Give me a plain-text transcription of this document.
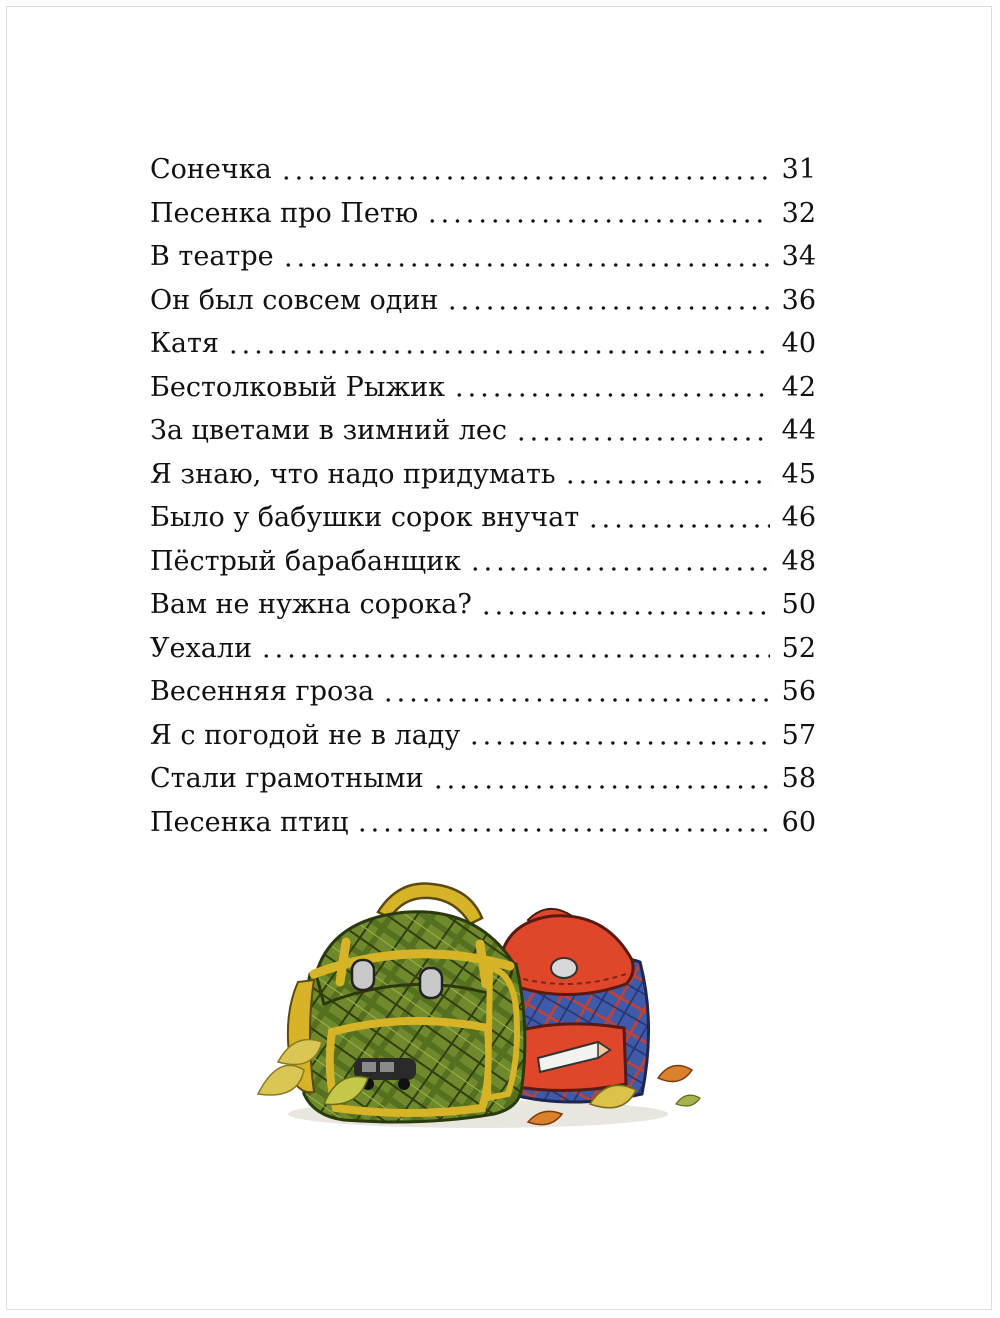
Сонечка	31
Песенка про Петю	32
В театре	34
Он был совсем один	36
Катя	40
Бестолковый Рыжик	42
За цветами в зимний лес	44
Я знаю, что надо придумать	45
Было у бабушки сорок внучат	46
Пёстрый барабанщик	48
Вам не нужна сорока?	50
Уехали	52
Весенняя гроза	56
Я с погодой не в ладу	57
Стали грамотными	58
Песенка птиц	60
